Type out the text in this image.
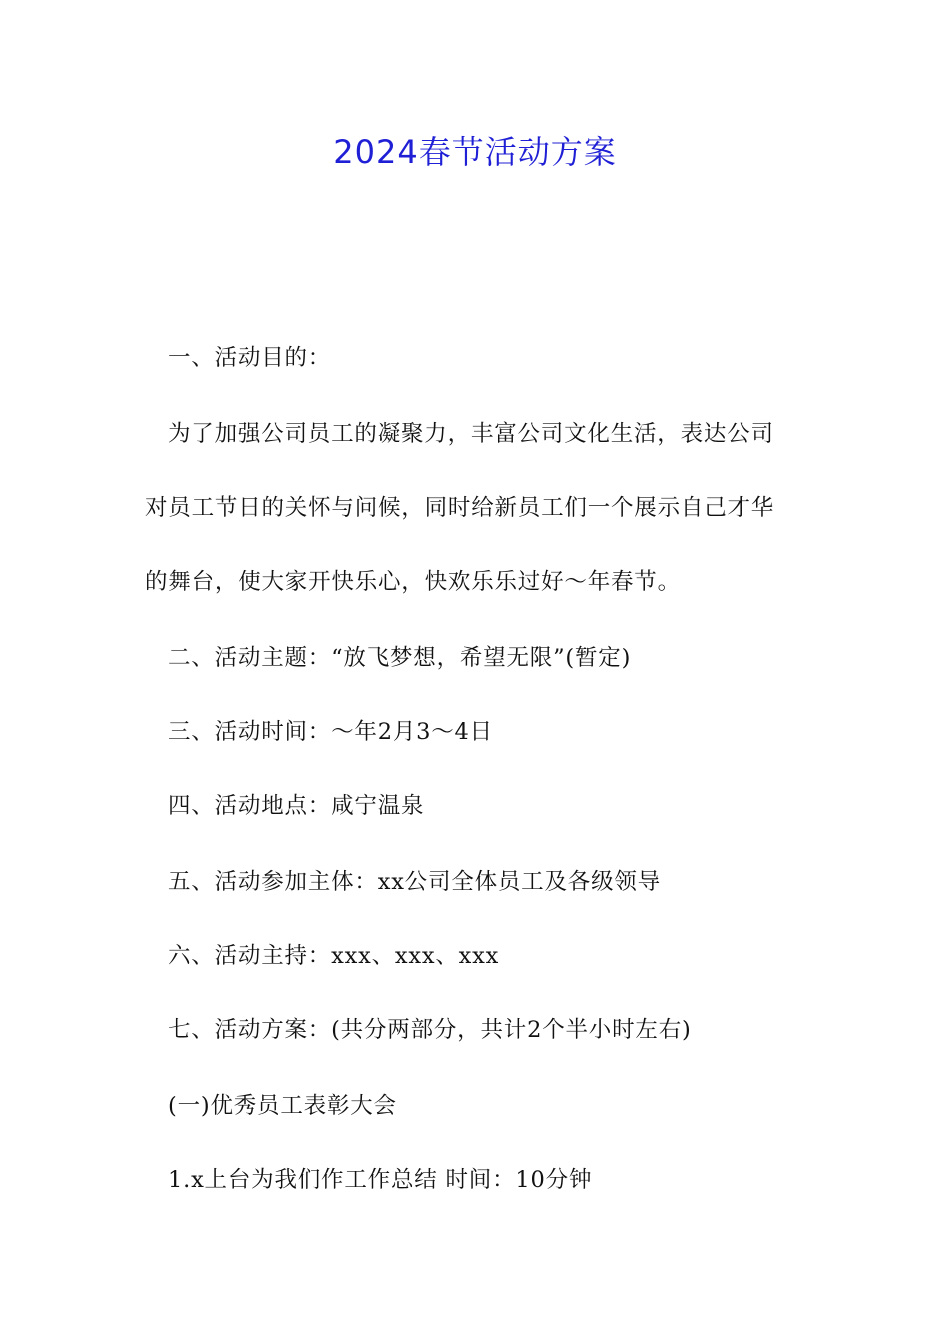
2024春节活动方案
一、活动目的：
为了加强公司员工的凝聚力，丰富公司文化生活，表达公司
对员工节日的关怀与问候，同时给新员工们一个展示自己才华
的舞台，使大家开快乐心，快欢乐乐过好～年春节。
二、活动主题：“放飞梦想，希望无限”(暂定)
三、活动时间：～年2月3～4日
四、活动地点：咸宁温泉
五、活动参加主体：xx公司全体员工及各级领导
六、活动主持：xxx、xxx、xxx
七、活动方案：(共分两部分，共计2个半小时左右)
(一)优秀员工表彰大会
1.x上台为我们作工作总结 时间：10分钟
